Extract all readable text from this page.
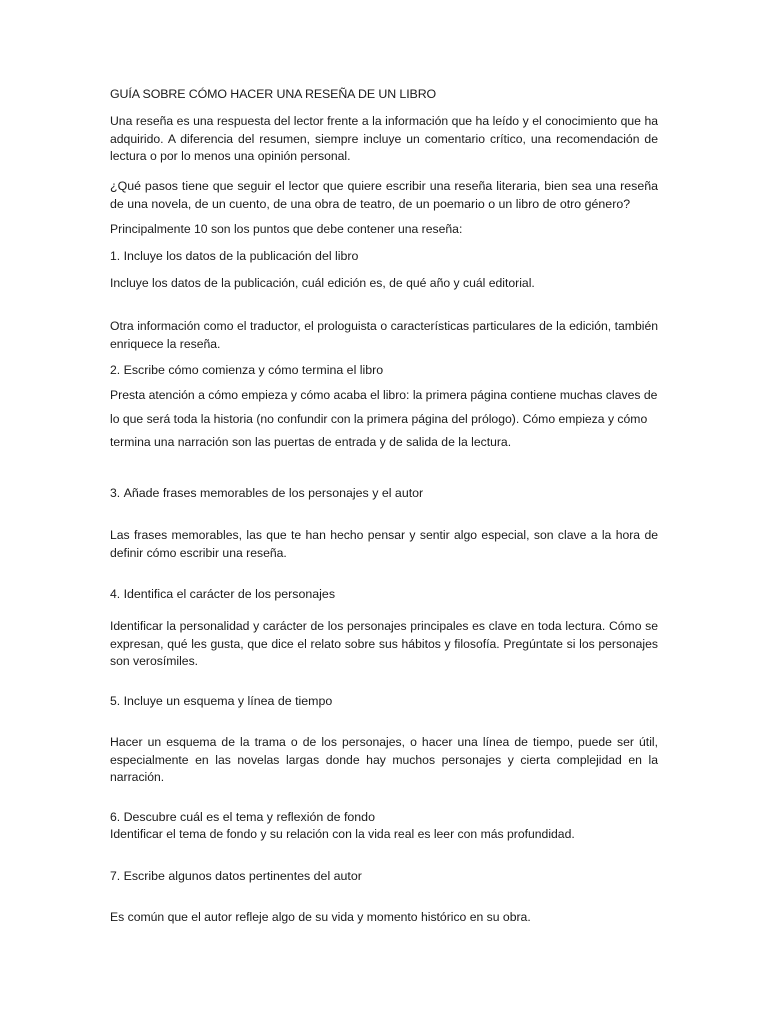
GUÍA SOBRE CÓMO HACER UNA RESEÑA DE UN LIBRO

Una reseña es una respuesta del lector frente a la información que ha leído y el conocimiento que ha adquirido. A diferencia del resumen, siempre incluye un comentario crítico, una recomendación de lectura o por lo menos una opinión personal.

¿Qué pasos tiene que seguir el lector que quiere escribir una reseña literaria, bien sea una reseña de una novela, de un cuento, de una obra de teatro, de un poemario o un libro de otro género?

Principalmente 10 son los puntos que debe contener una reseña:

1. Incluye los datos de la publicación del libro

Incluye los datos de la publicación, cuál edición es, de qué año y cuál editorial.

Otra información como el traductor, el prologuista o características particulares de la edición, también enriquece la reseña.

2. Escribe cómo comienza y cómo termina el libro

Presta atención a cómo empieza y cómo acaba el libro: la primera página contiene muchas claves de lo que será toda la historia (no confundir con la primera página del prólogo). Cómo empieza y cómo termina una narración son las puertas de entrada y de salida de la lectura.

3. Añade frases memorables de los personajes y el autor

Las frases memorables, las que te han hecho pensar y sentir algo especial, son clave a la hora de definir cómo escribir una reseña.

4. Identifica el carácter de los personajes

Identificar la personalidad y carácter de los personajes principales es clave en toda lectura. Cómo se expresan, qué les gusta, que dice el relato sobre sus hábitos y filosofía. Pregúntate si los personajes son verosímiles.

5. Incluye un esquema y línea de tiempo

Hacer un esquema de la trama o de los personajes, o hacer una línea de tiempo, puede ser útil, especialmente en las novelas largas donde hay muchos personajes y cierta complejidad en la narración.

6. Descubre cuál es el tema y reflexión de fondo

Identificar el tema de fondo y su relación con la vida real es leer con más profundidad.

7. Escribe algunos datos pertinentes del autor

Es común que el autor refleje algo de su vida y momento histórico en su obra.
